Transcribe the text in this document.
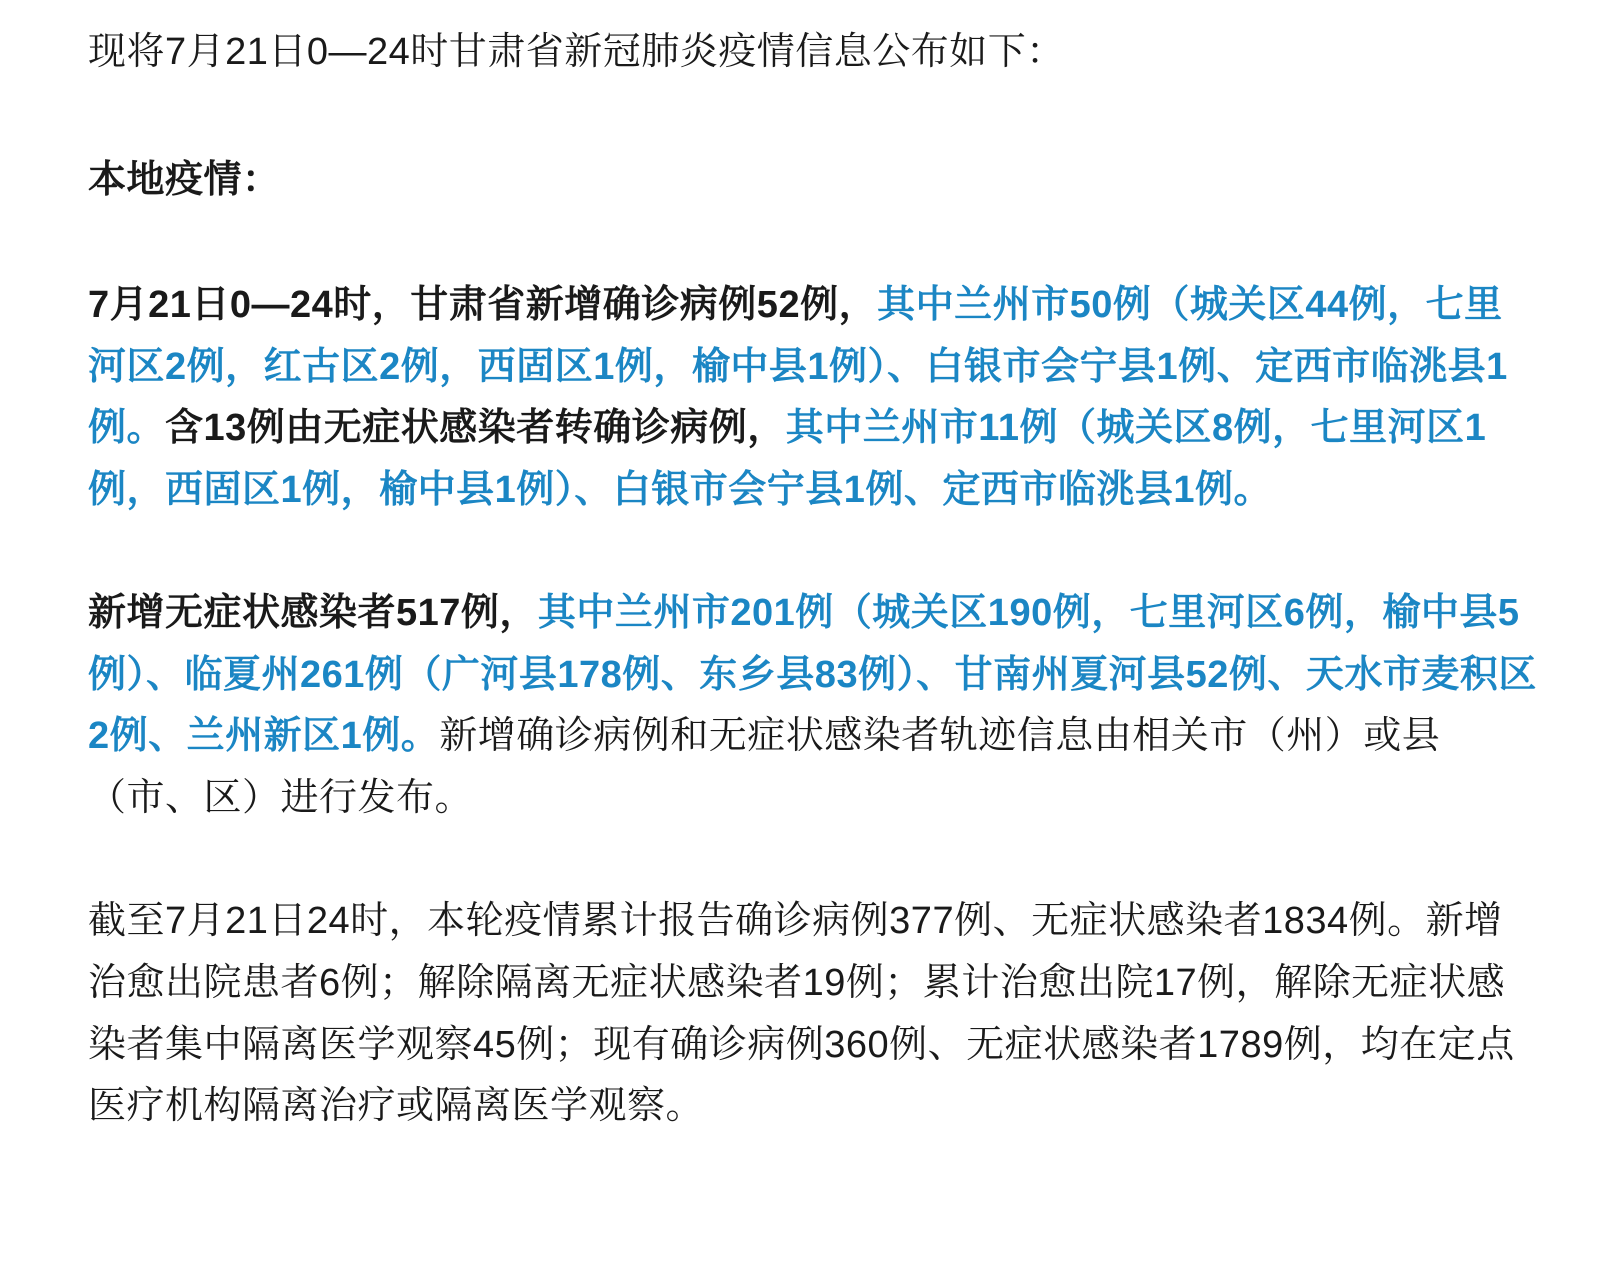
现将7月21日0—24时甘肃省新冠肺炎疫情信息公布如下：

本地疫情：

7月21日0—24时，甘肃省新增确诊病例52例，其中兰州市50例（城关区44例，七里河区2例，红古区2例，西固区1例，榆中县1例）、白银市会宁县1例、定西市临洮县1例。含13例由无症状感染者转确诊病例，其中兰州市11例（城关区8例，七里河区1例，西固区1例，榆中县1例）、白银市会宁县1例、定西市临洮县1例。

新增无症状感染者517例，其中兰州市201例（城关区190例，七里河区6例，榆中县5例）、临夏州261例（广河县178例、东乡县83例）、甘南州夏河县52例、天水市麦积区2例、兰州新区1例。新增确诊病例和无症状感染者轨迹信息由相关市（州）或县（市、区）进行发布。

截至7月21日24时，本轮疫情累计报告确诊病例377例、无症状感染者1834例。新增治愈出院患者6例；解除隔离无症状感染者19例；累计治愈出院17例，解除无症状感染者集中隔离医学观察45例；现有确诊病例360例、无症状感染者1789例，均在定点医疗机构隔离治疗或隔离医学观察。
